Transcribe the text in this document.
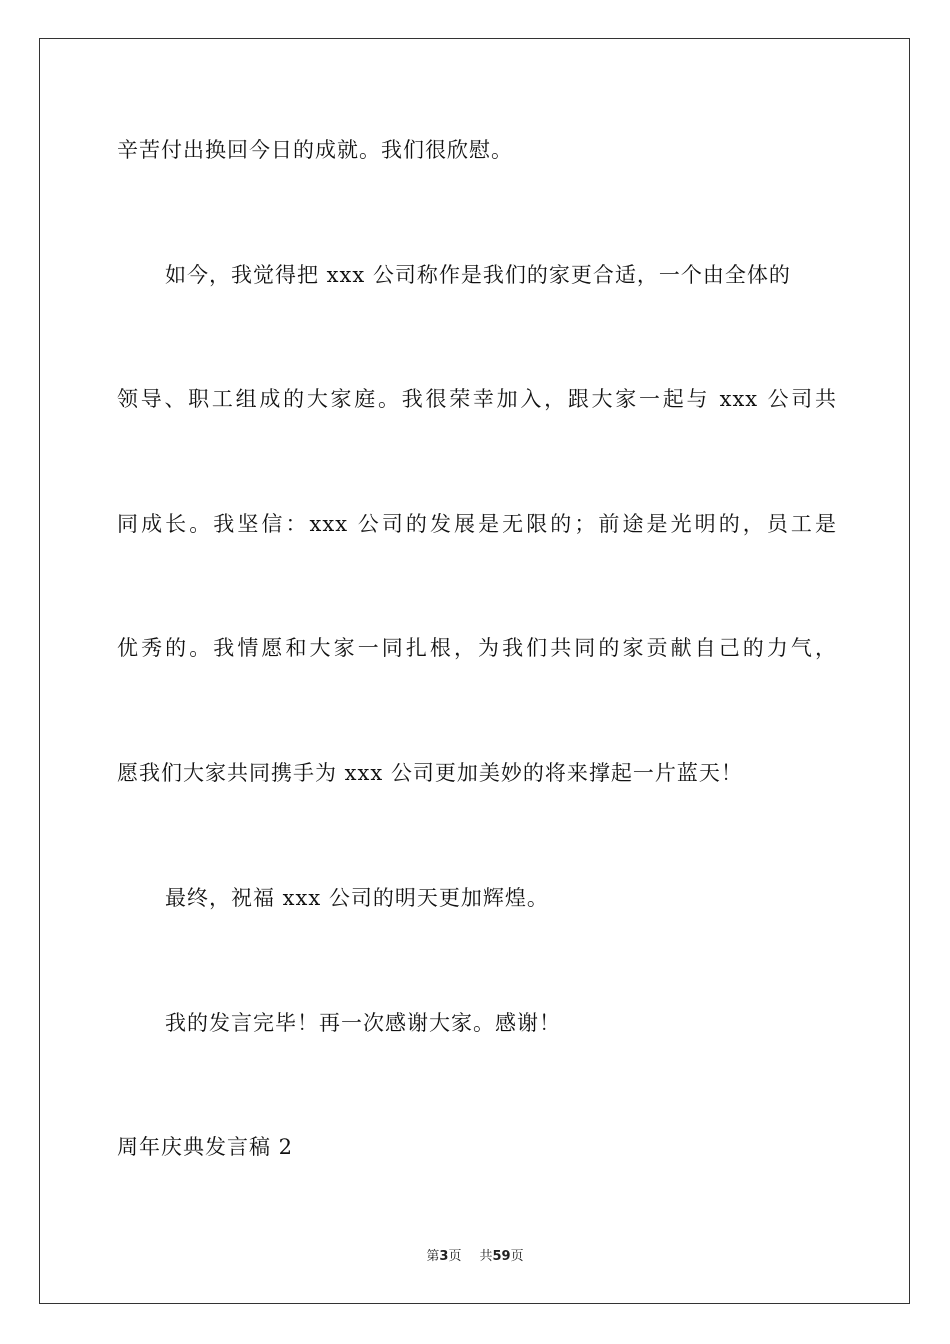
辛苦付出换回今日的成就。我们很欣慰。
如今，我觉得把 xxx 公司称作是我们的家更合适，一个由全体的
领导、职工组成的大家庭。我很荣幸加入，跟大家一起与 xxx 公司共
同成长。我坚信：xxx 公司的发展是无限的；前途是光明的，员工是
优秀的。我情愿和大家一同扎根，为我们共同的家贡献自己的力气，
愿我们大家共同携手为 xxx 公司更加美妙的将来撑起一片蓝天！
最终，祝福 xxx 公司的明天更加辉煌。
我的发言完毕！再一次感谢大家。感谢！
周年庆典发言稿 2
第3页 共59页
